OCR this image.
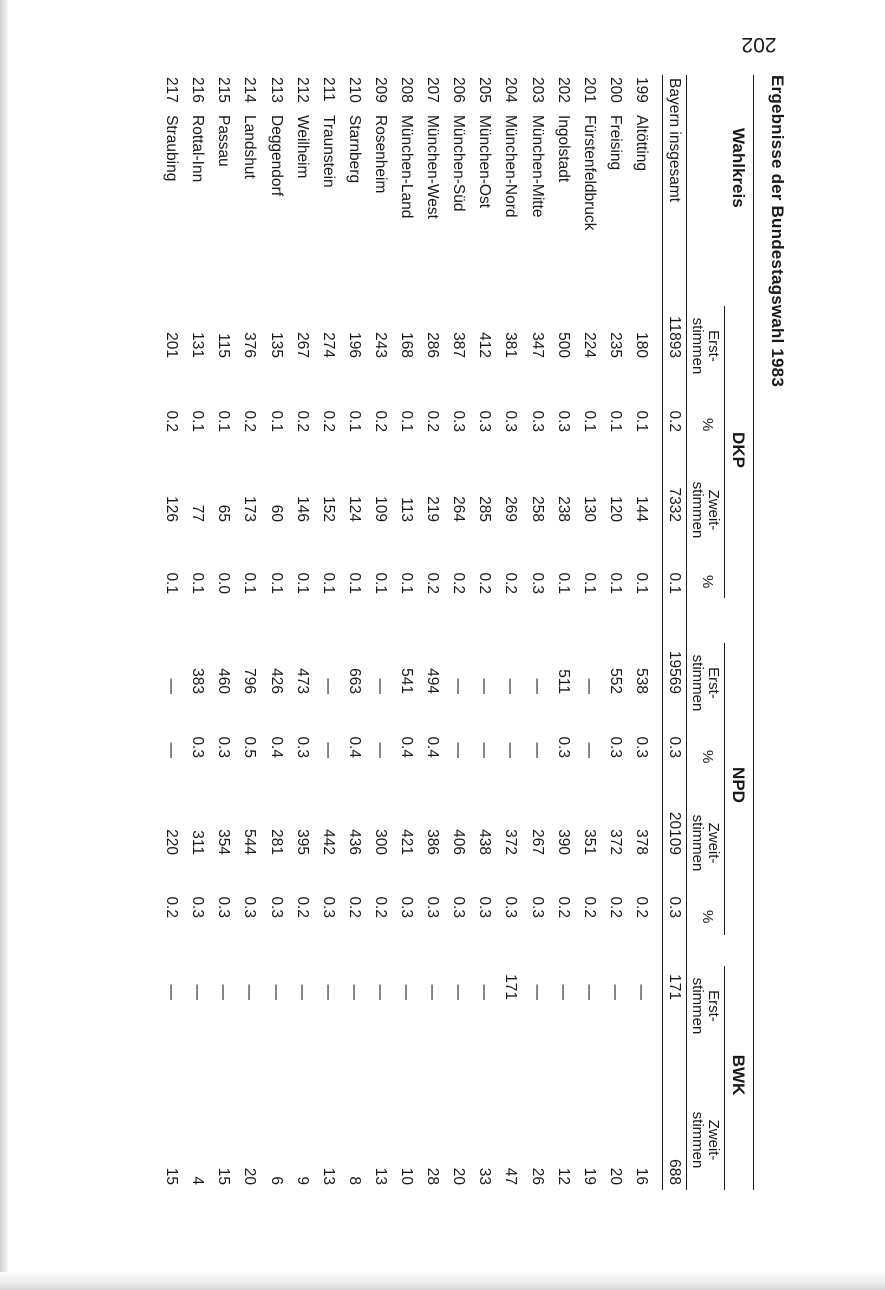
202
Ergebnisse der Bundestagswahl 1983
Wahlkreis
DKP
NPD
BWK
Erst-
stimmen
%
Zweit-
stimmen
%
Erst-
stimmen
%
Zweit-
stimmen
%
Erst-
stimmen
Zweit-
stimmen
Bayern insgesamt
11893
0.2
7332
0.1
19569
0.3
20109
0.3
171
688
199
Altötting
180
0.1
144
0.1
538
0.3
378
0.2
—
16
200
Freising
235
0.1
120
0.1
552
0.3
372
0.2
—
20
201
Fürstenfeldbruck
224
0.1
130
0.1
—
—
351
0.2
—
19
202
Ingolstadt
500
0.3
238
0.1
511
0.3
390
0.2
—
12
203
München-Mitte
347
0.3
258
0.3
—
—
267
0.3
—
26
204
München-Nord
381
0.3
269
0.2
—
—
372
0.3
171
47
205
München-Ost
412
0.3
285
0.2
—
—
438
0.3
—
33
206
München-Süd
387
0.3
264
0.2
—
—
406
0.3
—
20
207
München-West
286
0.2
219
0.2
494
0.4
386
0.3
—
28
208
München-Land
168
0.1
113
0.1
541
0.4
421
0.3
—
10
209
Rosenheim
243
0.2
109
0.1
—
—
300
0.2
—
13
210
Starnberg
196
0.1
124
0.1
663
0.4
436
0.2
—
8
211
Traunstein
274
0.2
152
0.1
—
—
442
0.3
—
13
212
Weilheim
267
0.2
146
0.1
473
0.3
395
0.2
—
9
213
Deggendorf
135
0.1
60
0.1
426
0.4
281
0.3
—
6
214
Landshut
376
0.2
173
0.1
796
0.5
544
0.3
—
20
215
Passau
115
0.1
65
0.0
460
0.3
354
0.3
—
15
216
Rottal-Inn
131
0.1
77
0.1
383
0.3
311
0.3
—
4
217
Straubing
201
0.2
126
0.1
—
—
220
0.2
—
15
